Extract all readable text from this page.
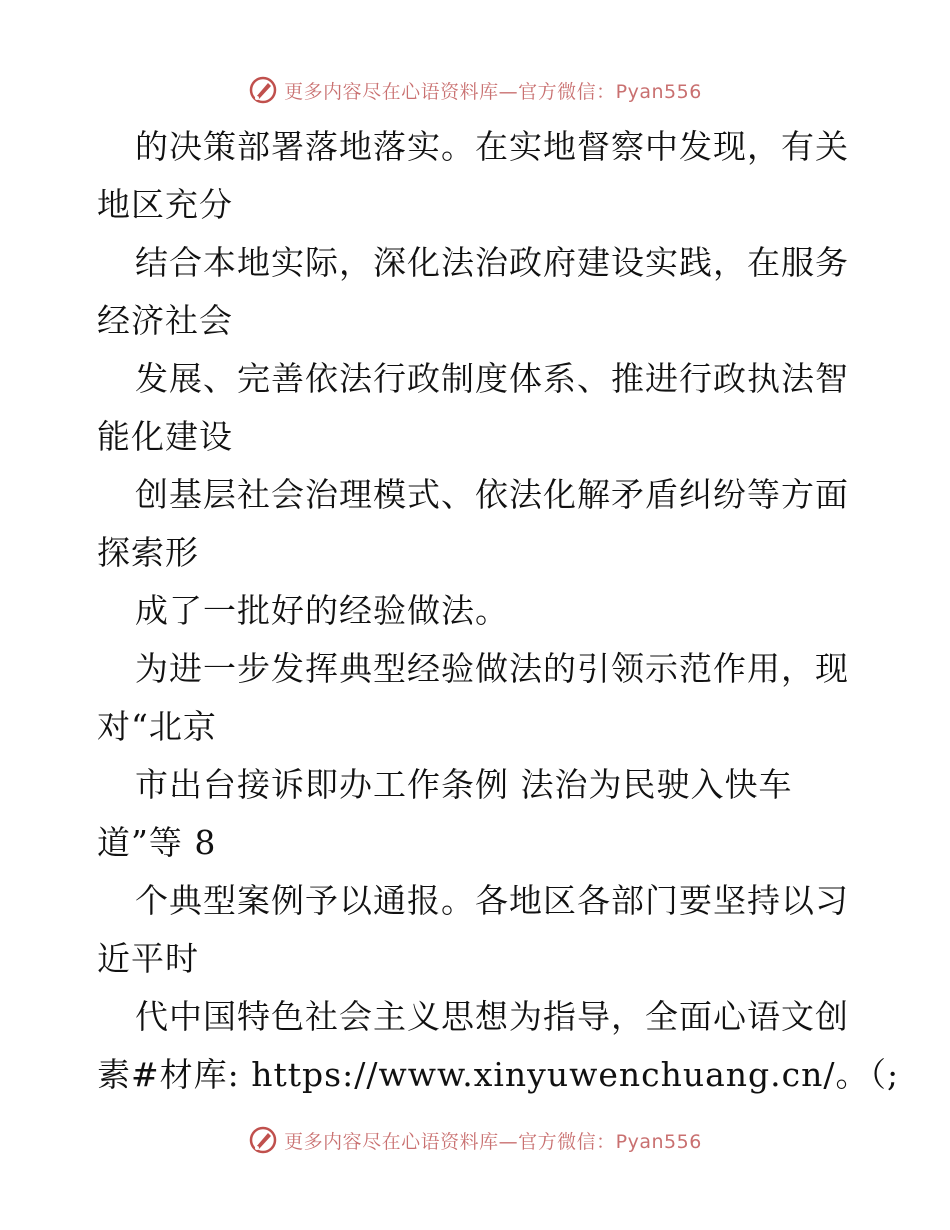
更多内容尽在心语资料库—官方微信：Pyan556
的决策部署落地落实。在实地督察中发现，有关
地区充分
结合本地实际，深化法治政府建设实践，在服务
经济社会
发展、完善依法行政制度体系、推进行政执法智
能化建设
创基层社会治理模式、依法化解矛盾纠纷等方面
探索形
成了一批好的经验做法。
为进一步发挥典型经验做法的引领示范作用，现
对“北京
市出台接诉即办工作条例 法治为民驶入快车
道”等 8
个典型案例予以通报。各地区各部门要坚持以习
近平时
代中国特色社会主义思想为指导，全面心语文创
素#材库: https://www.xinyuwenchuang.cn/。（;
更多内容尽在心语资料库—官方微信：Pyan556
